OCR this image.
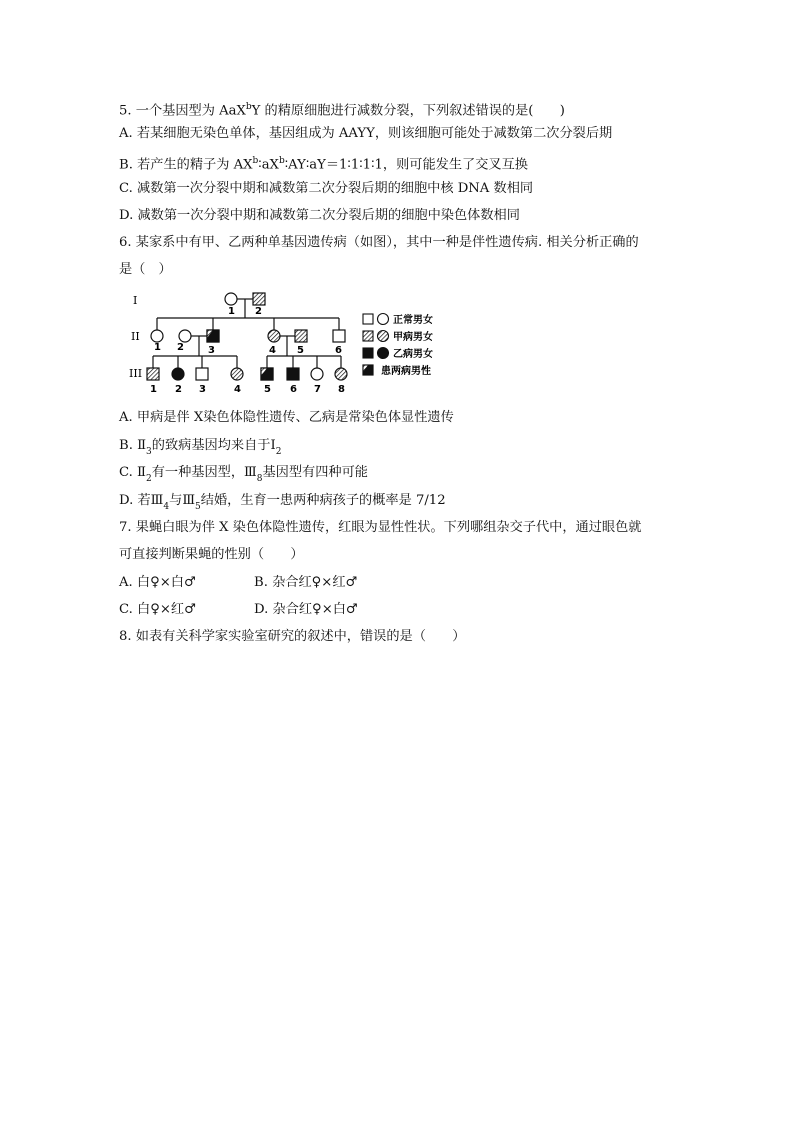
5. 一个基因型为 AaX$^b$Y 的精原细胞进行减数分裂，下列叙述错误的是(　　)
A. 若某细胞无染色单体，基因组成为 AAYY，则该细胞可能处于减数第二次分裂后期
B. 若产生的精子为 $AX^b∶aX^b∶AY∶aY=1∶1∶1∶1$，则可能发生了交叉互换
C. 减数第一次分裂中期和减数第二次分裂后期的细胞中核 DNA 数相同
D. 减数第一次分裂中期和减数第二次分裂后期的细胞中染色体数相同
6. 某家系中有甲、乙两种单基因遗传病（如图），其中一种是伴性遗传病. 相关分析正确的
是（　）
I
II
III
1 2
1 2 3	4 5	6
1 2 3	4 5 6 7 8
正常男女
甲病男女
乙病男女
患两病男性
A. 甲病是伴 X染色体隐性遗传、乙病是常染色体显性遗传
B. $Ⅱ_3$的致病基因均来自于$Ⅰ_2$
C. $Ⅱ_2$有一种基因型，$Ⅲ_8$基因型有四种可能
D. 若$Ⅲ_4$与$Ⅲ_5$结婚，生育一患两种病孩子的概率是 7/12
7. 果蝇白眼为伴 X 染色体隐性遗传，红眼为显性性状。下列哪组杂交子代中，通过眼色就
可直接判断果蝇的性别（　　）
A. 白♀×白♂	B. 杂合红♀×红♂
C. 白♀×红♂	D. 杂合红♀×白♂
8. 如表有关科学家实验室研究的叙述中，错误的是（　　）
